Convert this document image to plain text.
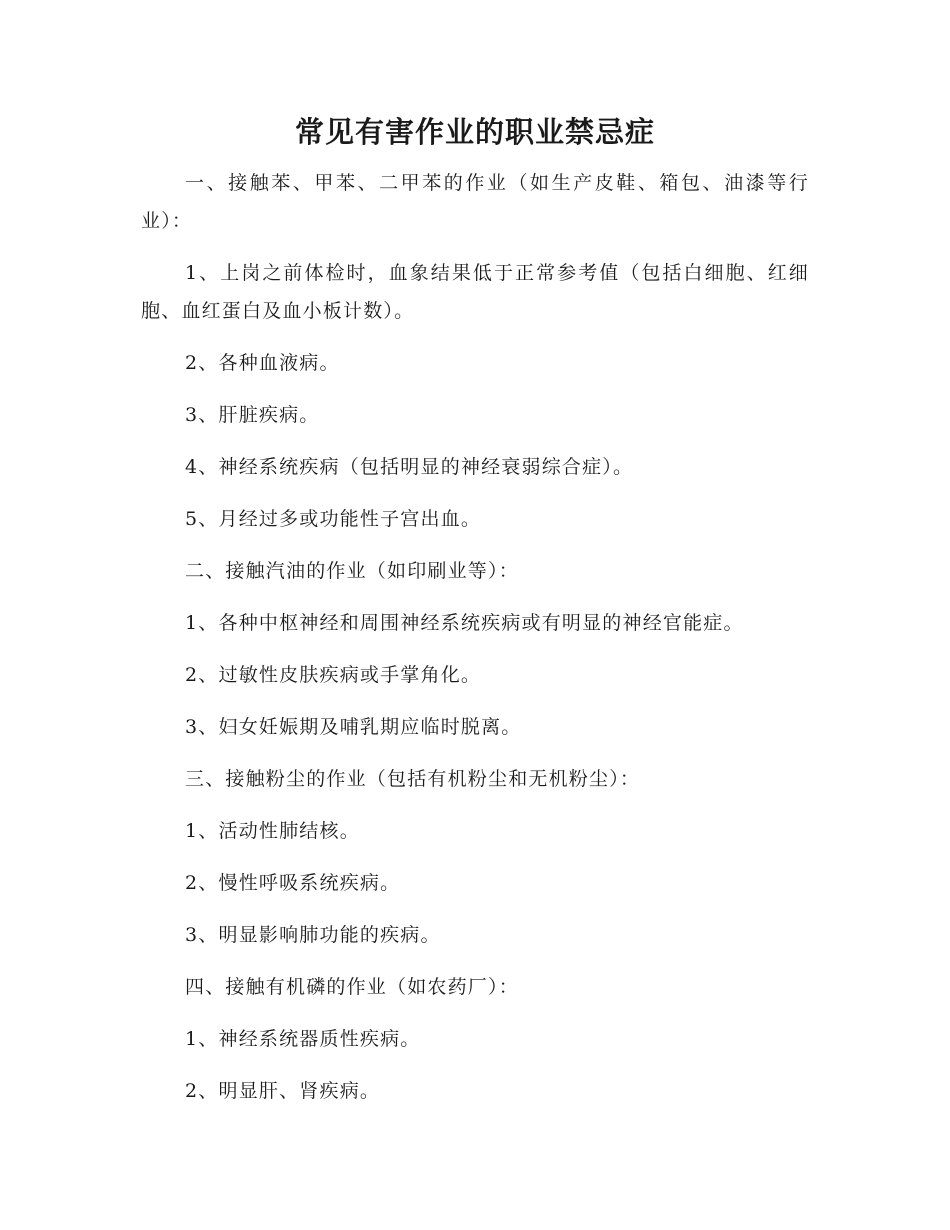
常见有害作业的职业禁忌症

一、接触苯、甲苯、二甲苯的作业（如生产皮鞋、箱包、油漆等行业）：

1、上岗之前体检时，血象结果低于正常参考值（包括白细胞、红细胞、血红蛋白及血小板计数）。

2、各种血液病。

3、肝脏疾病。

4、神经系统疾病（包括明显的神经衰弱综合症）。

5、月经过多或功能性子宫出血。

二、接触汽油的作业（如印刷业等）：

1、各种中枢神经和周围神经系统疾病或有明显的神经官能症。

2、过敏性皮肤疾病或手掌角化。

3、妇女妊娠期及哺乳期应临时脱离。

三、接触粉尘的作业（包括有机粉尘和无机粉尘）：

1、活动性肺结核。

2、慢性呼吸系统疾病。

3、明显影响肺功能的疾病。

四、接触有机磷的作业（如农药厂）：

1、神经系统器质性疾病。

2、明显肝、肾疾病。
